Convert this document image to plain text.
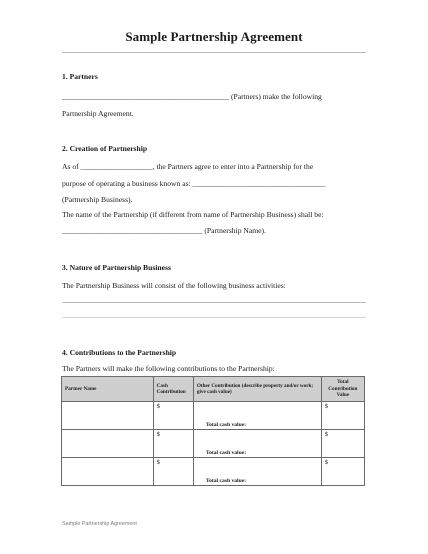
Sample Partnership Agreement
1. Partners
____________________________________________ (Partners) make the following
Partnership Agreement.
2. Creation of Partnership
As of ___________________, the Partners agree to enter into a Partnership for the
purpose of operating a business known as: ___________________________________
(Partnership Business).
The name of the Partnership (if different from name of Partnership Business) shall be:
_____________________________________ (Partnership Name).
3. Nature of Partnership Business
The Partnership Business will consist of the following business activities:
4. Contributions to the Partnership
The Partners will make the following contributions to the Partnership:
Partner Name	Cash Contribution	Other Contribution (describe property and/or work; give cash value)	Total Contribution Value
	$	Total cash value:	$
	$	Total cash value:	$
	$	Total cash value:	$
Sample Partnership Agreement
